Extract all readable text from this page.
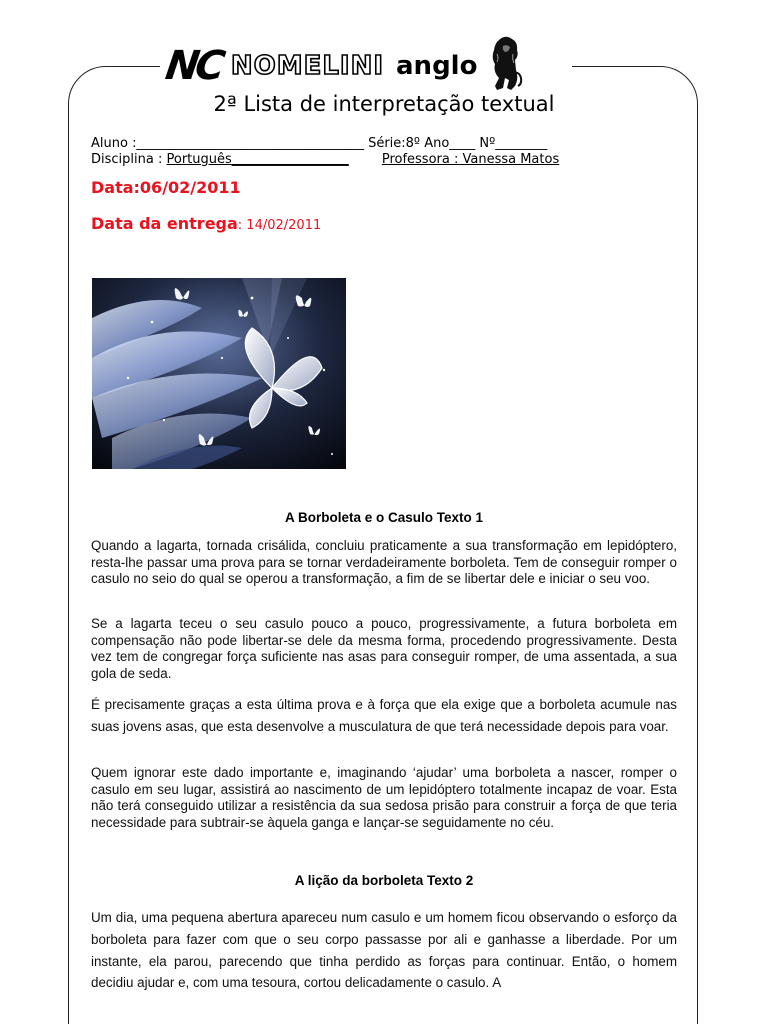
NC NOMELINI anglo
2ª Lista de interpretação textual
Aluno :___________________________________ Série:8º Ano____ Nº________
Disciplina : Português__________________	Professora : Vanessa Matos
Data:06/02/2011
Data da entrega: 14/02/2011
A Borboleta e o Casulo Texto 1
Quando a lagarta, tornada crisálida, concluiu praticamente a sua transformação em lepidóptero, resta-lhe passar uma prova para se tornar verdadeiramente borboleta. Tem de conseguir romper o casulo no seio do qual se operou a transformação, a fim de se libertar dele e iniciar o seu voo.
Se a lagarta teceu o seu casulo pouco a pouco, progressivamente, a futura borboleta em compensação não pode libertar-se dele da mesma forma, procedendo progressivamente. Desta vez tem de congregar força suficiente nas asas para conseguir romper, de uma assentada, a sua gola de seda.
É precisamente graças a esta última prova e à força que ela exige que a borboleta acumule nas suas jovens asas, que esta desenvolve a musculatura de que terá necessidade depois para voar.
Quem ignorar este dado importante e, imaginando ‘ajudar’ uma borboleta a nascer, romper o casulo em seu lugar, assistirá ao nascimento de um lepidóptero totalmente incapaz de voar. Esta não terá conseguido utilizar a resistência da sua sedosa prisão para construir a força de que teria necessidade para subtrair-se àquela ganga e lançar-se seguidamente no céu.
A lição da borboleta Texto 2
Um dia, uma pequena abertura apareceu num casulo e um homem ficou observando o esforço da borboleta para fazer com que o seu corpo passasse por ali e ganhasse a liberdade. Por um instante, ela parou, parecendo que tinha perdido as forças para continuar. Então, o homem decidiu ajudar e, com uma tesoura, cortou delicadamente o casulo. A
